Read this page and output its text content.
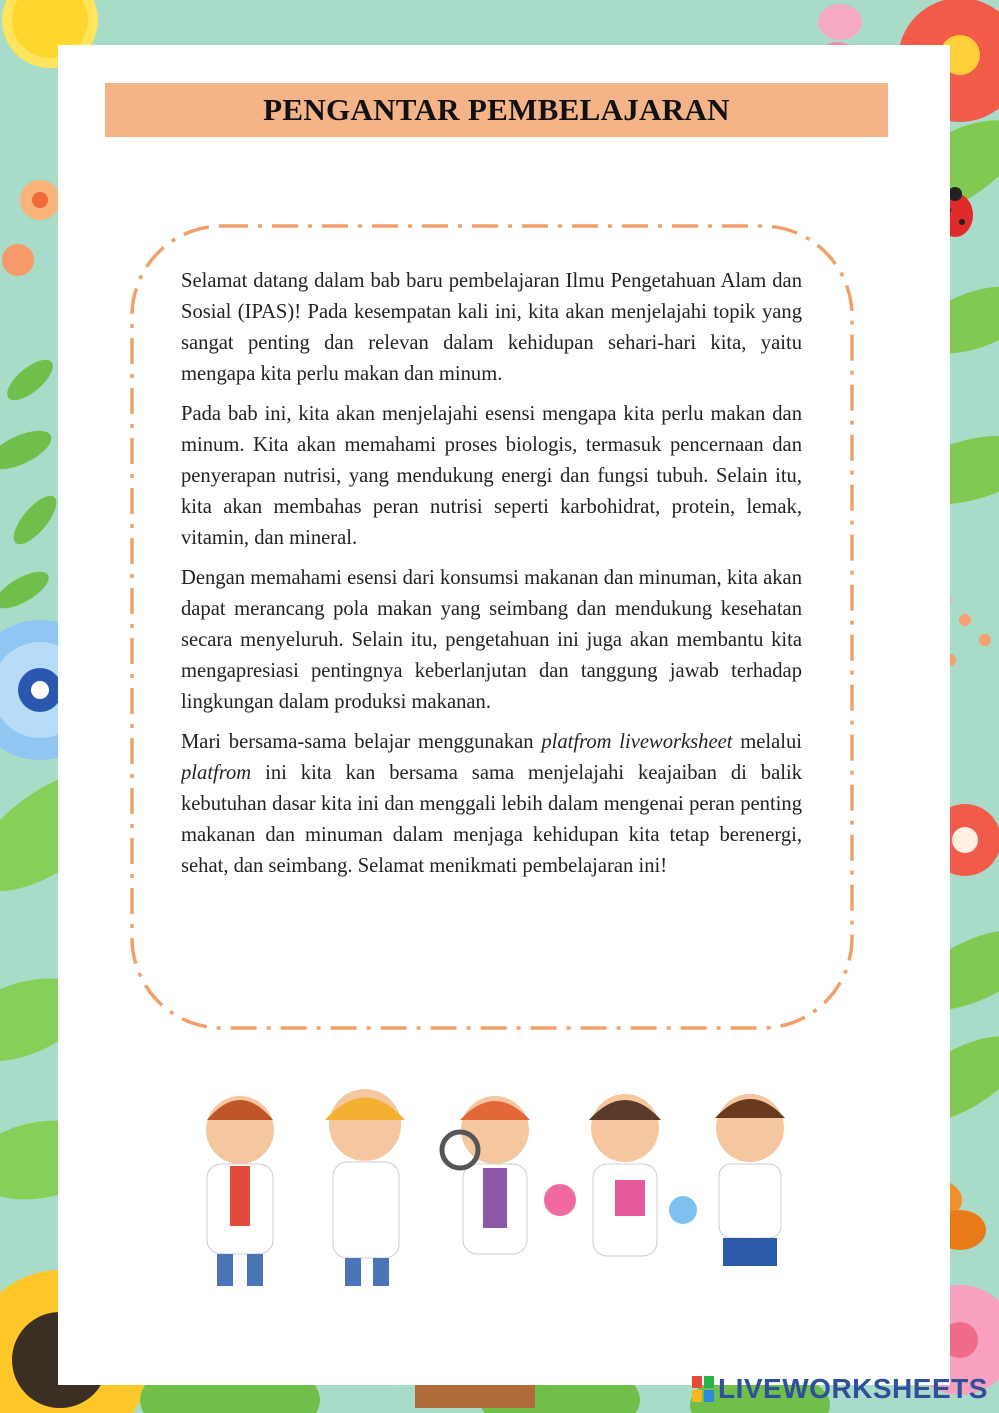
PENGANTAR PEMBELAJARAN

Selamat datang dalam bab baru pembelajaran Ilmu Pengetahuan Alam dan Sosial (IPAS)! Pada kesempatan kali ini, kita akan menjelajahi topik yang sangat penting dan relevan dalam kehidupan sehari-hari kita, yaitu mengapa kita perlu makan dan minum.

Pada bab ini, kita akan menjelajahi esensi mengapa kita perlu makan dan minum. Kita akan memahami proses biologis, termasuk pencernaan dan penyerapan nutrisi, yang mendukung energi dan fungsi tubuh. Selain itu, kita akan membahas peran nutrisi seperti karbohidrat, protein, lemak, vitamin, dan mineral.

Dengan memahami esensi dari konsumsi makanan dan minuman, kita akan dapat merancang pola makan yang seimbang dan mendukung kesehatan secara menyeluruh. Selain itu, pengetahuan ini juga akan membantu kita mengapresiasi pentingnya keberlanjutan dan tanggung jawab terhadap lingkungan dalam produksi makanan.

Mari bersama-sama belajar menggunakan platfrom liveworksheet melalui platfrom ini kita kan bersama sama menjelajahi keajaiban di balik kebutuhan dasar kita ini dan menggali lebih dalam mengenai peran penting makanan dan minuman dalam menjaga kehidupan kita tetap berenergi, sehat, dan seimbang. Selamat menikmati pembelajaran ini!

LIVEWORKSHEETS
